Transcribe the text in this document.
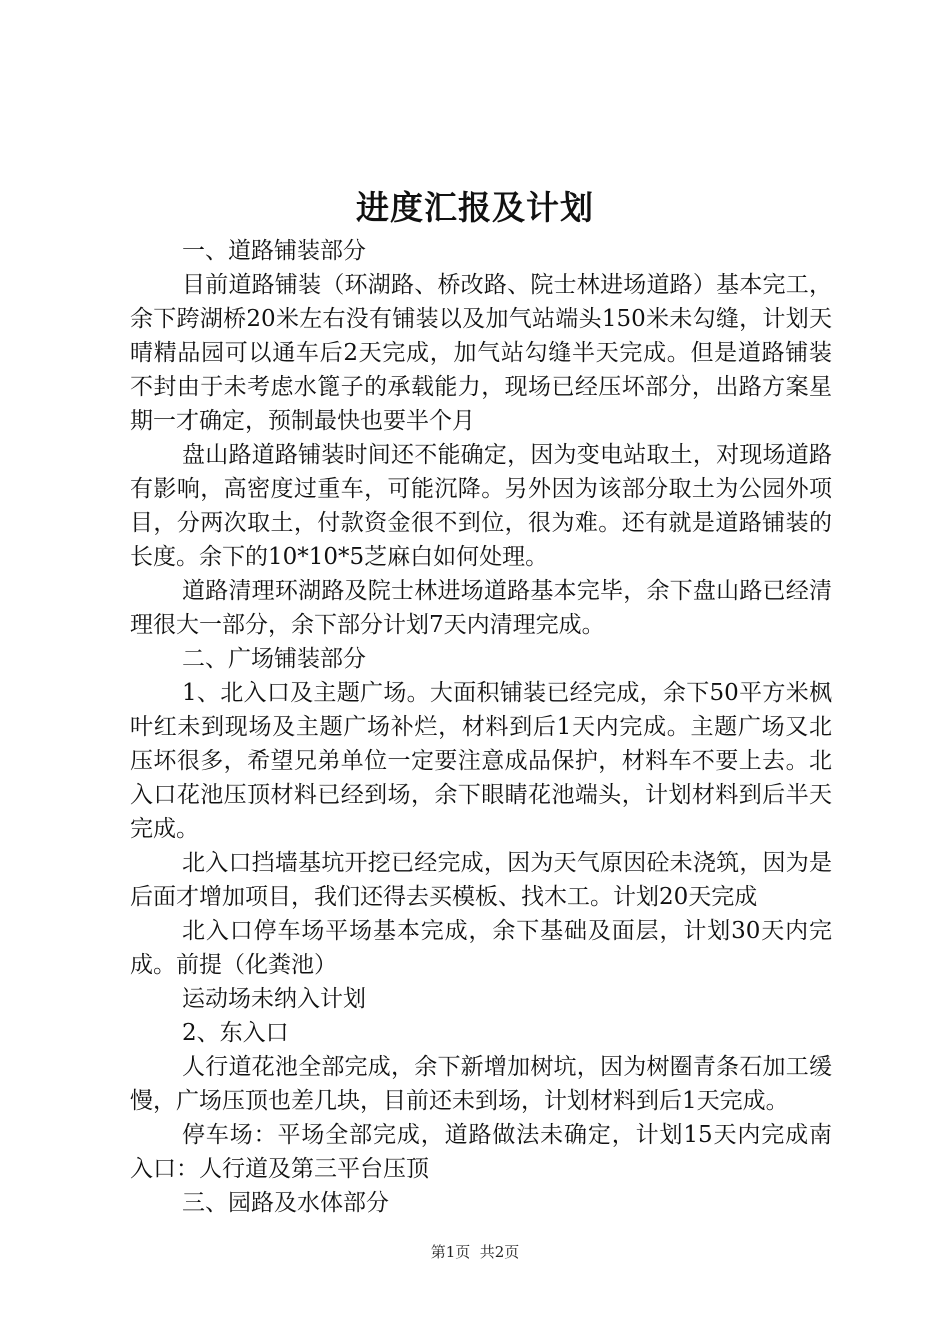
进度汇报及计划

一、道路铺装部分

目前道路铺装（环湖路、桥改路、院士林进场道路）基本完工，余下跨湖桥20米左右没有铺装以及加气站端头150米未勾缝，计划天晴精品园可以通车后2天完成，加气站勾缝半天完成。但是道路铺装不封由于未考虑水篦子的承载能力，现场已经压坏部分，出路方案星期一才确定，预制最快也要半个月

盘山路道路铺装时间还不能确定，因为变电站取土，对现场道路有影响，高密度过重车，可能沉降。另外因为该部分取土为公园外项目，分两次取土，付款资金很不到位，很为难。还有就是道路铺装的长度。余下的10*10*5芝麻白如何处理。

道路清理环湖路及院士林进场道路基本完毕，余下盘山路已经清理很大一部分，余下部分计划7天内清理完成。

二、广场铺装部分

1、北入口及主题广场。大面积铺装已经完成，余下50平方米枫叶红未到现场及主题广场补烂，材料到后1天内完成。主题广场又北压坏很多，希望兄弟单位一定要注意成品保护，材料车不要上去。北入口花池压顶材料已经到场，余下眼睛花池端头，计划材料到后半天完成。

北入口挡墙基坑开挖已经完成，因为天气原因砼未浇筑，因为是后面才增加项目，我们还得去买模板、找木工。计划20天完成

北入口停车场平场基本完成，余下基础及面层，计划30天内完成。前提（化粪池）

运动场未纳入计划

2、东入口

人行道花池全部完成，余下新增加树坑，因为树圈青条石加工缓慢，广场压顶也差几块，目前还未到场，计划材料到后1天完成。

停车场：平场全部完成，道路做法未确定，计划15天内完成南入口：人行道及第三平台压顶

三、园路及水体部分

第1页  共2页
